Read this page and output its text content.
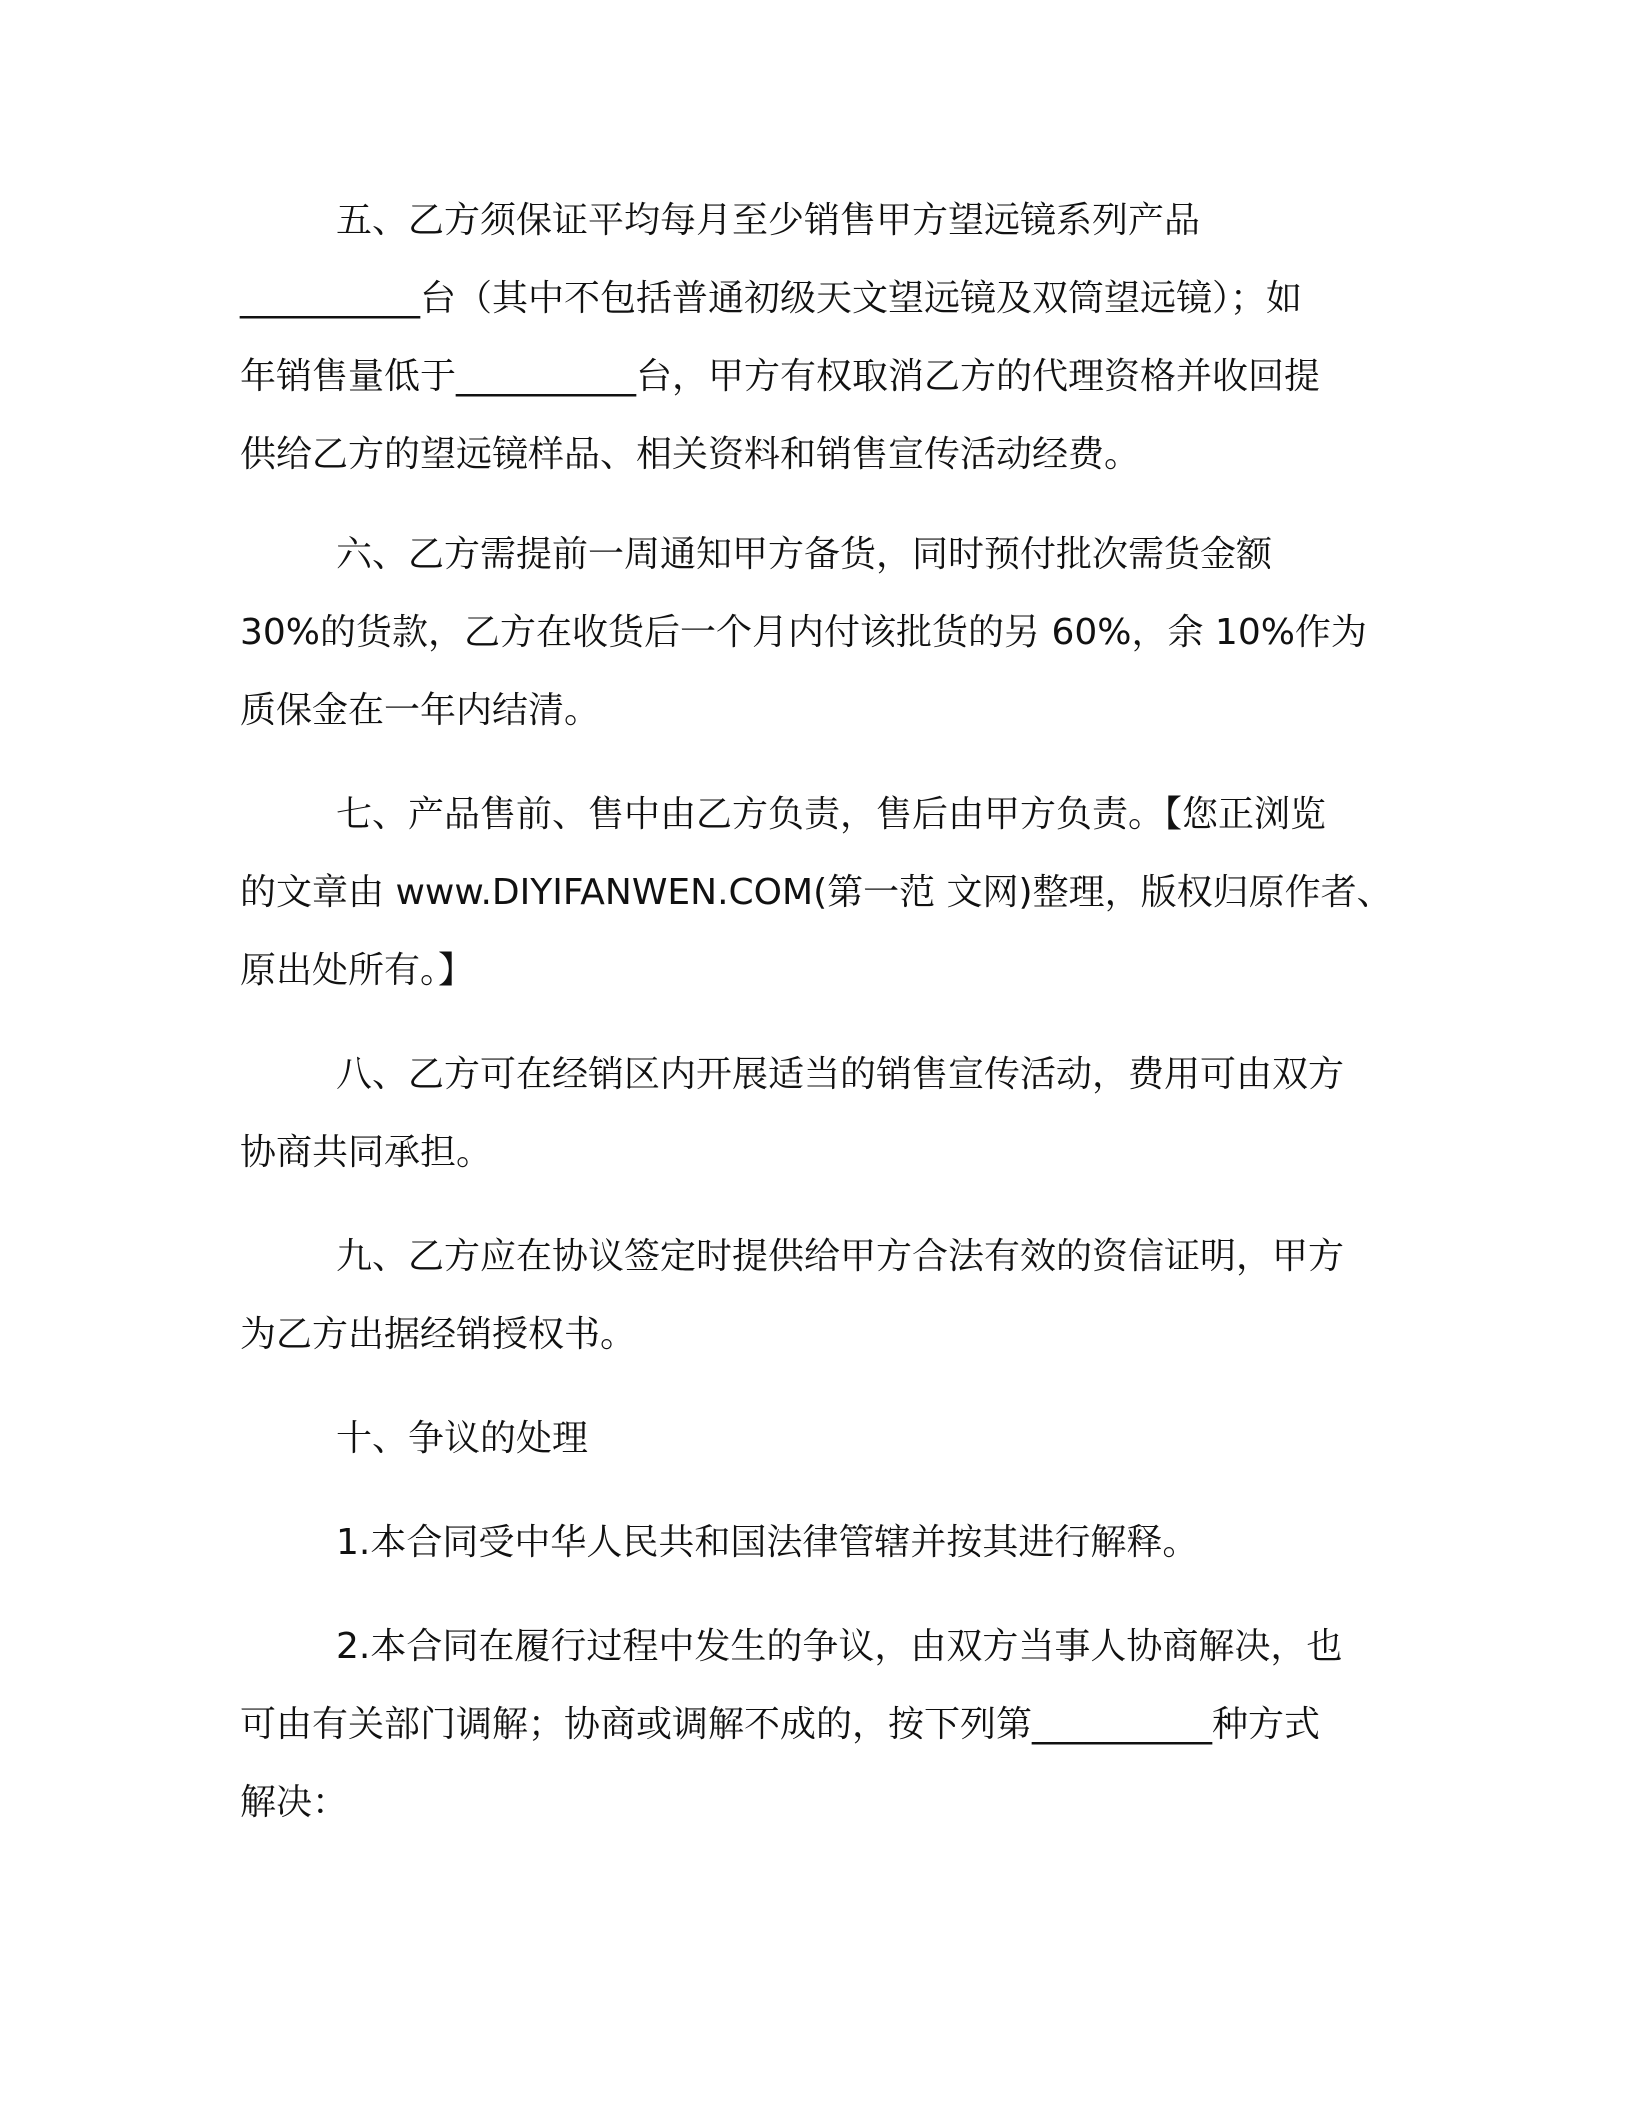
五、乙方须保证平均每月至少销售甲方望远镜系列产品
__________台（其中不包括普通初级天文望远镜及双筒望远镜）；如
年销售量低于__________台，甲方有权取消乙方的代理资格并收回提
供给乙方的望远镜样品、相关资料和销售宣传活动经费。

六、乙方需提前一周通知甲方备货，同时预付批次需货金额
30%的货款，乙方在收货后一个月内付该批货的另 60%，余 10%作为
质保金在一年内结清。

七、产品售前、售中由乙方负责，售后由甲方负责。【您正浏览
的文章由 www.DIYIFANWEN.COM(第一范 文网)整理，版权归原作者、
原出处所有。】

八、乙方可在经销区内开展适当的销售宣传活动，费用可由双方
协商共同承担。

九、乙方应在协议签定时提供给甲方合法有效的资信证明，甲方
为乙方出据经销授权书。

十、争议的处理

1.本合同受中华人民共和国法律管辖并按其进行解释。

2.本合同在履行过程中发生的争议，由双方当事人协商解决，也
可由有关部门调解；协商或调解不成的，按下列第__________种方式
解决：
